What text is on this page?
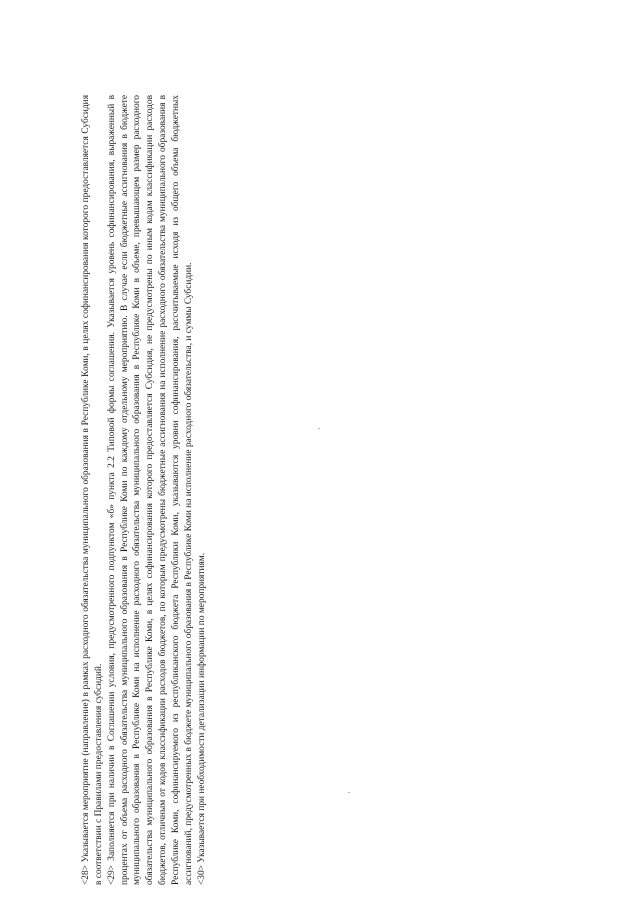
<28> Указывается мероприятие (направление) в рамках расходного обязательства муниципального образования в Республике Коми, в целях софинансирования которого предоставляется Субсидия в соответствии с Правилами предоставления субсидий. <29> Заполняется при наличии в Соглашении условия, предусмотренного подпунктом «б» пункта 2.2 Типовой формы соглашения. Указывается уровень софинансирования, выраженный в процентах от объема расходного обязательства муниципального образования в Республике Коми по каждому отдельному мероприятию. В случае если бюджетные ассигнования в бюджете муниципального образования в Республике Коми на исполнение расходного обязательства муниципального образования в Республике Коми в объеме, превышающем размер расходного обязательства муниципального образования в Республике Коми, в целях софинансирования которого предоставляется Субсидия, не предусмотрены по иным кодам классификации расходов бюджетов, отличным от кодов классификации расходов бюджетов, по которым предусмотрены бюджетные ассигнования на исполнение расходного обязательства муниципального образования в Республике Коми, софинансируемого из республиканского бюджета Республики Коми, указываются уровни софинансирования, рассчитываемые исходя из общего объема бюджетных ассигнований, предусмотренных в бюджете муниципального образования в Республике Коми на исполнение расходного обязательства, и суммы Субсидии. <30> Указывается при необходимости детализации информации по мероприятиям.
